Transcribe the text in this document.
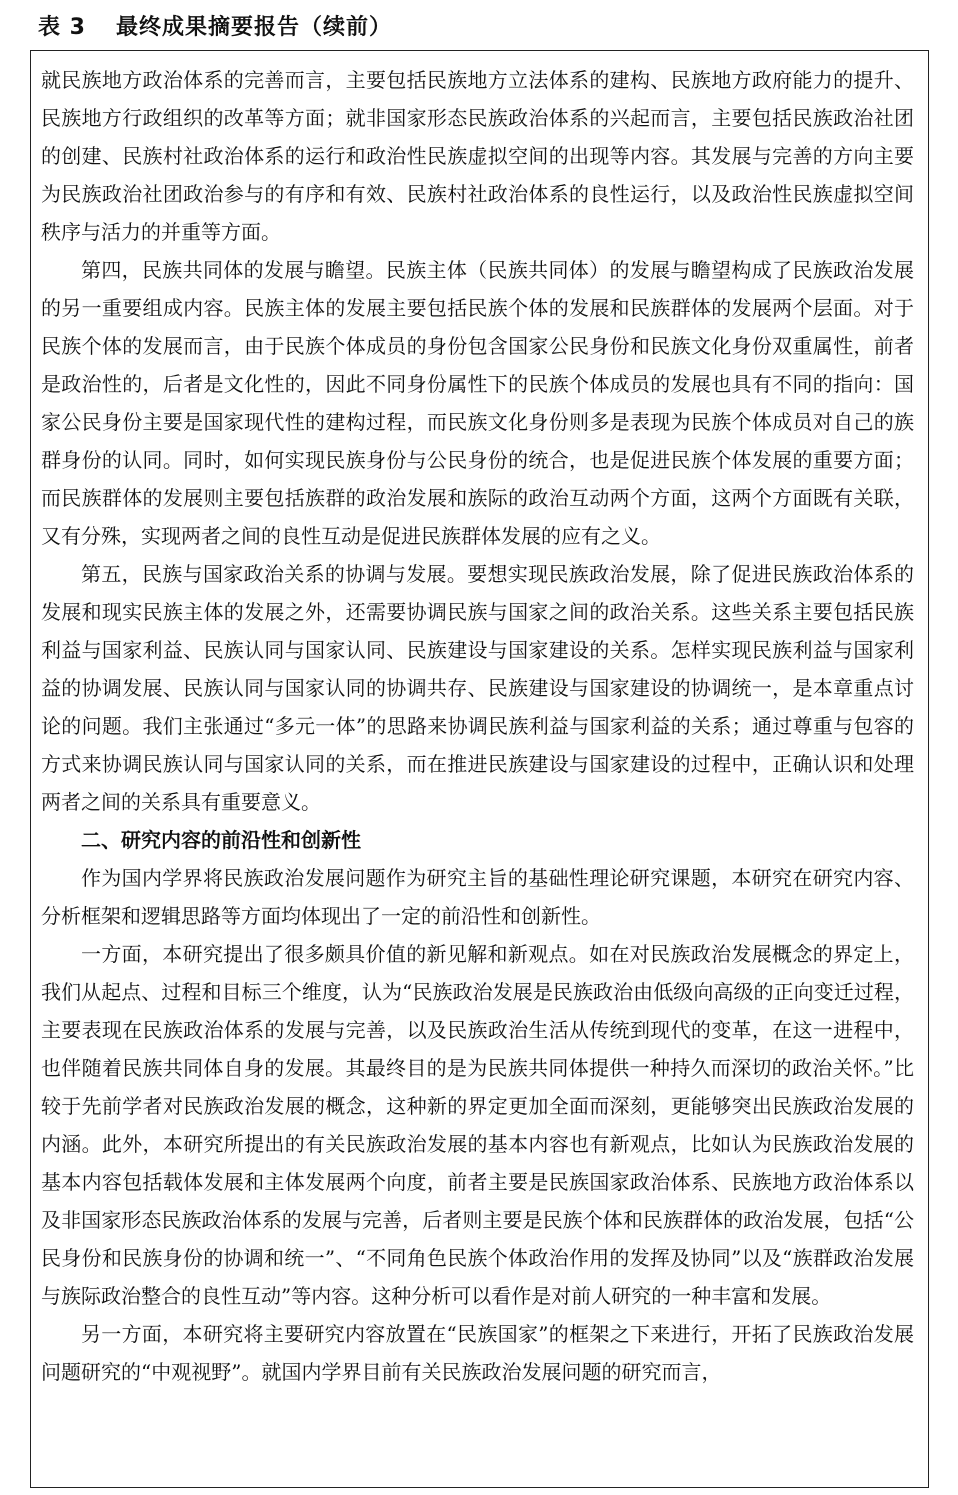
表 3 最终成果摘要报告（续前）

就民族地方政治体系的完善而言，主要包括民族地方立法体系的建构、民族地方政府能力的提升、民族地方行政组织的改革等方面；就非国家形态民族政治体系的兴起而言，主要包括民族政治社团的创建、民族村社政治体系的运行和政治性民族虚拟空间的出现等内容。其发展与完善的方向主要为民族政治社团政治参与的有序和有效、民族村社政治体系的良性运行，以及政治性民族虚拟空间秩序与活力的并重等方面。

第四，民族共同体的发展与瞻望。民族主体（民族共同体）的发展与瞻望构成了民族政治发展的另一重要组成内容。民族主体的发展主要包括民族个体的发展和民族群体的发展两个层面。对于民族个体的发展而言，由于民族个体成员的身份包含国家公民身份和民族文化身份双重属性，前者是政治性的，后者是文化性的，因此不同身份属性下的民族个体成员的发展也具有不同的指向：国家公民身份主要是国家现代性的建构过程，而民族文化身份则多是表现为民族个体成员对自己的族群身份的认同。同时，如何实现民族身份与公民身份的统合，也是促进民族个体发展的重要方面；而民族群体的发展则主要包括族群的政治发展和族际的政治互动两个方面，这两个方面既有关联，又有分殊，实现两者之间的良性互动是促进民族群体发展的应有之义。

第五，民族与国家政治关系的协调与发展。要想实现民族政治发展，除了促进民族政治体系的发展和现实民族主体的发展之外，还需要协调民族与国家之间的政治关系。这些关系主要包括民族利益与国家利益、民族认同与国家认同、民族建设与国家建设的关系。怎样实现民族利益与国家利益的协调发展、民族认同与国家认同的协调共存、民族建设与国家建设的协调统一，是本章重点讨论的问题。我们主张通过“多元一体”的思路来协调民族利益与国家利益的关系；通过尊重与包容的方式来协调民族认同与国家认同的关系，而在推进民族建设与国家建设的过程中，正确认识和处理两者之间的关系具有重要意义。

二、研究内容的前沿性和创新性

作为国内学界将民族政治发展问题作为研究主旨的基础性理论研究课题，本研究在研究内容、分析框架和逻辑思路等方面均体现出了一定的前沿性和创新性。

一方面，本研究提出了很多颇具价值的新见解和新观点。如在对民族政治发展概念的界定上，我们从起点、过程和目标三个维度，认为“民族政治发展是民族政治由低级向高级的正向变迁过程，主要表现在民族政治体系的发展与完善，以及民族政治生活从传统到现代的变革，在这一进程中，也伴随着民族共同体自身的发展。其最终目的是为民族共同体提供一种持久而深切的政治关怀。”比较于先前学者对民族政治发展的概念，这种新的界定更加全面而深刻，更能够突出民族政治发展的内涵。此外，本研究所提出的有关民族政治发展的基本内容也有新观点，比如认为民族政治发展的基本内容包括载体发展和主体发展两个向度，前者主要是民族国家政治体系、民族地方政治体系以及非国家形态民族政治体系的发展与完善，后者则主要是民族个体和民族群体的政治发展，包括“公民身份和民族身份的协调和统一”、“不同角色民族个体政治作用的发挥及协同”以及“族群政治发展与族际政治整合的良性互动”等内容。这种分析可以看作是对前人研究的一种丰富和发展。

另一方面，本研究将主要研究内容放置在“民族国家”的框架之下来进行，开拓了民族政治发展问题研究的“中观视野”。就国内学界目前有关民族政治发展问题的研究而言，
